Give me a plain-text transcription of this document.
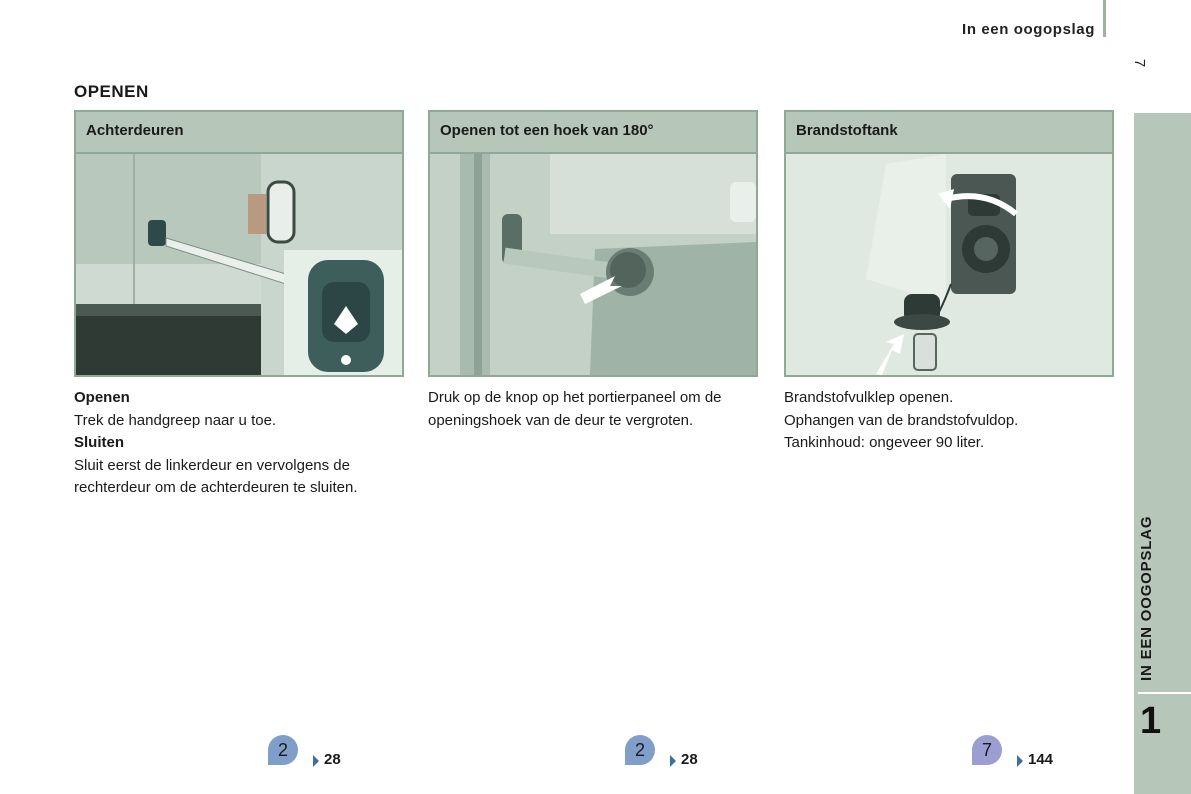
In een oogopslag
7
IN EEN OOGOPSLAG
1
OPENEN
Achterdeuren	Openen tot een hoek van 180°	Brandstoftank

Openen

Trek de handgreep naar u toe.

Sluiten

Sluit eerst de linkerdeur en vervolgens de rechterdeur om de achterdeuren te sluiten.

Druk op de knop op het portierpaneel om de openingshoek van de deur te vergroten.

Brandstofvulklep openen.

Ophangen van de brandstofvuldop.

Tankinhoud: ongeveer 90 liter.

2	28	2	28	7	144
